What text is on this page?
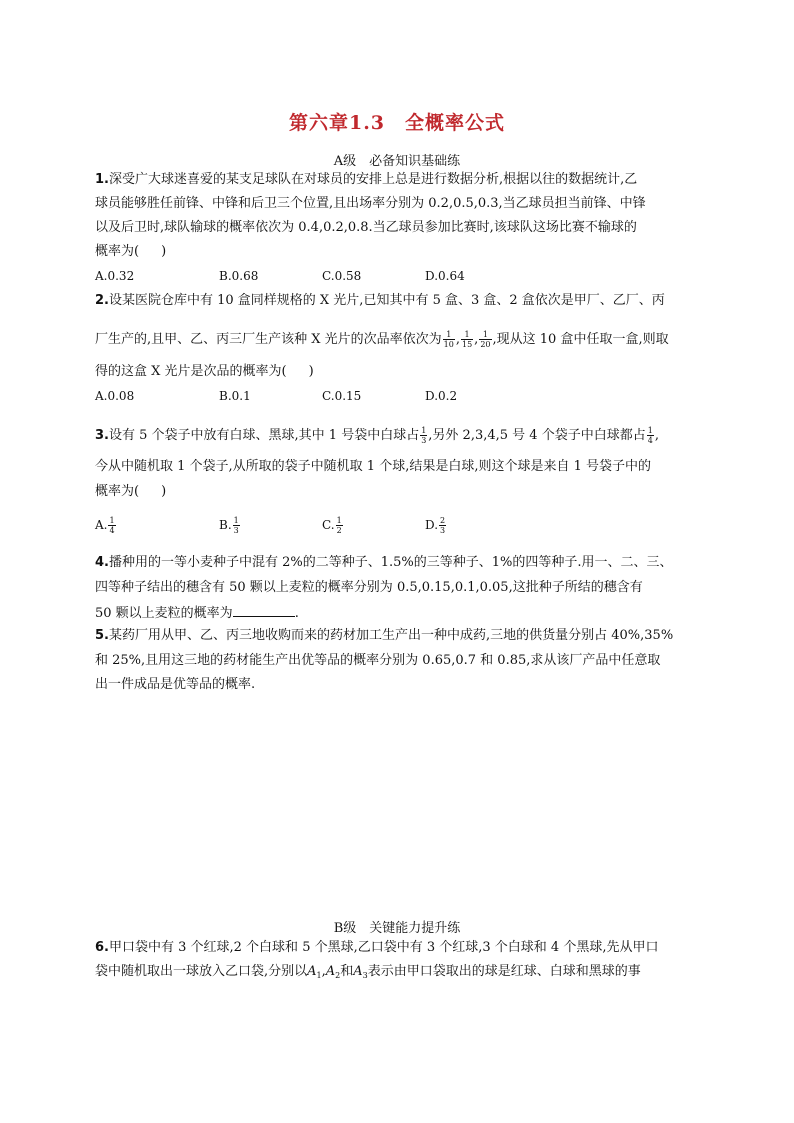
第六章1.3　全概率公式
A级　必备知识基础练
1.深受广大球迷喜爱的某支足球队在对球员的安排上总是进行数据分析,根据以往的数据统计,乙
球员能够胜任前锋、中锋和后卫三个位置,且出场率分别为 0.2,0.5,0.3,当乙球员担当前锋、中锋
以及后卫时,球队输球的概率依次为 0.4,0.2,0.8.当乙球员参加比赛时,该球队这场比赛不输球的
概率为( )
A.0.32	B.0.68	C.0.58	D.0.64
2.设某医院仓库中有 10 盒同样规格的 X 光片,已知其中有 5 盒、3 盒、2 盒依次是甲厂、乙厂、丙
厂生产的,且甲、乙、丙三厂生产该种 X 光片的次品率依次为 $\frac{1}{10}$ , $\frac{1}{15}$ , $\frac{1}{20}$ ,现从这 10 盒中任取一盒,则取
得的这盒 X 光片是次品的概率为( )
A.0.08	B.0.1	C.0.15	D.0.2
3.设有 5 个袋子中放有白球、黑球,其中 1 号袋中白球占 $\frac{1}{3}$ ,另外 2,3,4,5 号 4 个袋子中白球都占 $\frac{1}{4}$ ,
今从中随机取 1 个袋子,从所取的袋子中随机取 1 个球,结果是白球,则这个球是来自 1 号袋子中的
概率为( )
A. $\frac{1}{4}$	B. $\frac{1}{3}$	C. $\frac{1}{2}$	D. $\frac{2}{3}$
4.播种用的一等小麦种子中混有 2%的二等种子、1.5%的三等种子、1%的四等种子.用一、二、三、
四等种子结出的穗含有 50 颗以上麦粒的概率分别为 0.5,0.15,0.1,0.05,这批种子所结的穗含有
50 颗以上麦粒的概率为	.
5.某药厂用从甲、乙、丙三地收购而来的药材加工生产出一种中成药,三地的供货量分别占 40%,35%
和 25%,且用这三地的药材能生产出优等品的概率分别为 0.65,0.7 和 0.85,求从该厂产品中任意取
出一件成品是优等品的概率.
B级　关键能力提升练
6.甲口袋中有 3 个红球,2 个白球和 5 个黑球,乙口袋中有 3 个红球,3 个白球和 4 个黑球,先从甲口
袋中随机取出一球放入乙口袋,分别以$A_1,A_2$和$A_3$表示由甲口袋取出的球是红球、白球和黑球的事
